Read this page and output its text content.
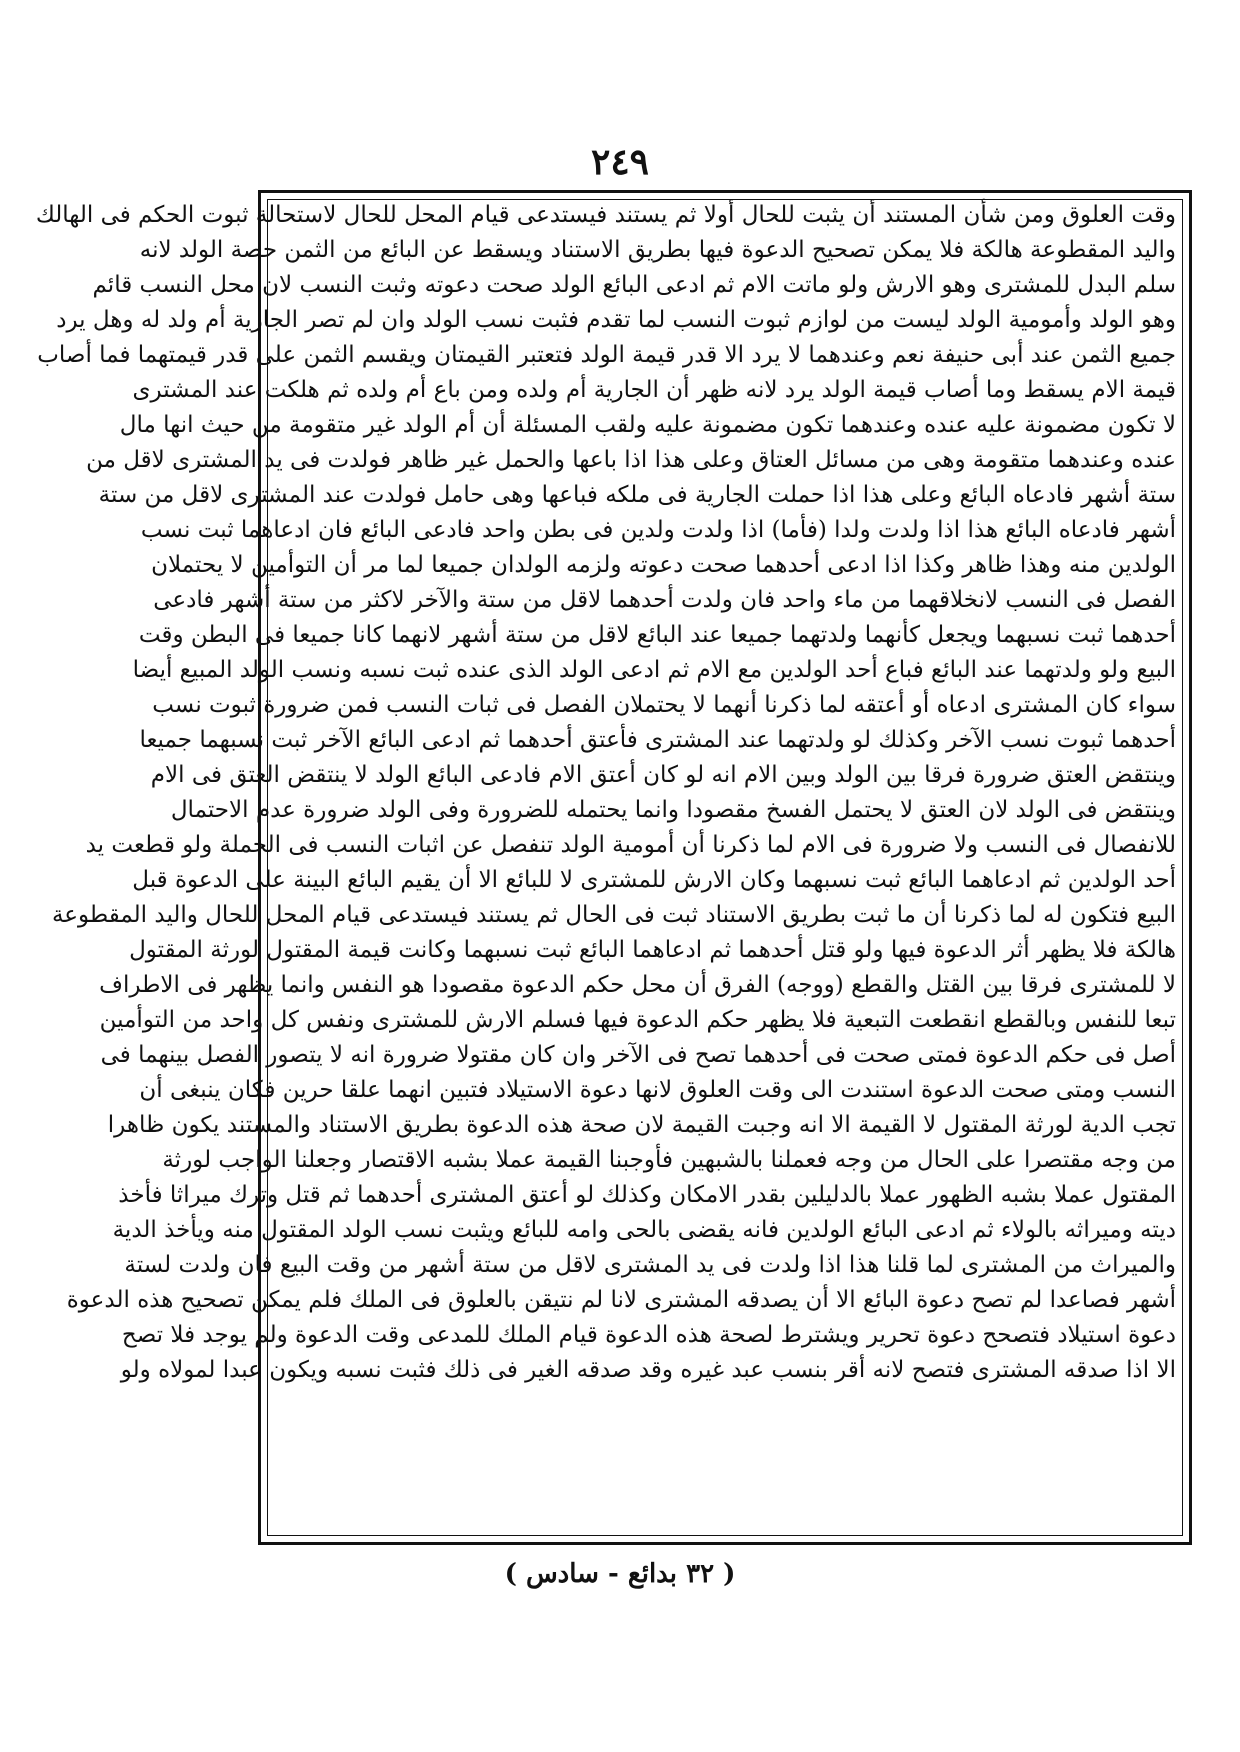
٢٤٩
وقت العلوق ومن شأن المستند أن يثبت للحال أولا ثم يستند فيستدعى قيام المحل للحال لاستحالة ثبوت الحكم فى الهالك
واليد المقطوعة هالكة فلا يمكن تصحيح الدعوة فيها بطريق الاستناد ويسقط عن البائع من الثمن حصة الولد لانه
سلم البدل للمشترى وهو الارش ولو ماتت الام ثم ادعى البائع الولد صحت دعوته وثبت النسب لان محل النسب قائم
وهو الولد وأمومية الولد ليست من لوازم ثبوت النسب لما تقدم فثبت نسب الولد وان لم تصر الجارية أم ولد له وهل يرد
جميع الثمن عند أبى حنيفة نعم وعندهما لا يرد الا قدر قيمة الولد فتعتبر القيمتان ويقسم الثمن على قدر قيمتهما فما أصاب
قيمة الام يسقط وما أصاب قيمة الولد يرد لانه ظهر أن الجارية أم ولده ومن باع أم ولده ثم هلكت عند المشترى
لا تكون مضمونة عليه عنده وعندهما تكون مضمونة عليه ولقب المسئلة أن أم الولد غير متقومة من حيث انها مال
عنده وعندهما متقومة وهى من مسائل العتاق وعلى هذا اذا باعها والحمل غير ظاهر فولدت فى يد المشترى لاقل من
ستة أشهر فادعاه البائع وعلى هذا اذا حملت الجارية فى ملكه فباعها وهى حامل فولدت عند المشترى لاقل من ستة
أشهر فادعاه البائع هذا اذا ولدت ولدا (فأما) اذا ولدت ولدين فى بطن واحد فادعى البائع فان ادعاهما ثبت نسب
الولدين منه وهذا ظاهر وكذا اذا ادعى أحدهما صحت دعوته ولزمه الولدان جميعا لما مر أن التوأمين لا يحتملان
الفصل فى النسب لانخلاقهما من ماء واحد فان ولدت أحدهما لاقل من ستة والآخر لاكثر من ستة أشهر فادعى
أحدهما ثبت نسبهما ويجعل كأنهما ولدتهما جميعا عند البائع لاقل من ستة أشهر لانهما كانا جميعا فى البطن وقت
البيع ولو ولدتهما عند البائع فباع أحد الولدين مع الام ثم ادعى الولد الذى عنده ثبت نسبه ونسب الولد المبيع أيضا
سواء كان المشترى ادعاه أو أعتقه لما ذكرنا أنهما لا يحتملان الفصل فى ثبات النسب فمن ضرورة ثبوت نسب
أحدهما ثبوت نسب الآخر وكذلك لو ولدتهما عند المشترى فأعتق أحدهما ثم ادعى البائع الآخر ثبت نسبهما جميعا
وينتقض العتق ضرورة فرقا بين الولد وبين الام انه لو كان أعتق الام فادعى البائع الولد لا ينتقض العتق فى الام
وينتقض فى الولد لان العتق لا يحتمل الفسخ مقصودا وانما يحتمله للضرورة وفى الولد ضرورة عدم الاحتمال
للانفصال فى النسب ولا ضرورة فى الام لما ذكرنا أن أمومية الولد تنفصل عن اثبات النسب فى الجملة ولو قطعت يد
أحد الولدين ثم ادعاهما البائع ثبت نسبهما وكان الارش للمشترى لا للبائع الا أن يقيم البائع البينة على الدعوة قبل
البيع فتكون له لما ذكرنا أن ما ثبت بطريق الاستناد ثبت فى الحال ثم يستند فيستدعى قيام المحل للحال واليد المقطوعة
هالكة فلا يظهر أثر الدعوة فيها ولو قتل أحدهما ثم ادعاهما البائع ثبت نسبهما وكانت قيمة المقتول لورثة المقتول
لا للمشترى فرقا بين القتل والقطع (ووجه) الفرق أن محل حكم الدعوة مقصودا هو النفس وانما يظهر فى الاطراف
تبعا للنفس وبالقطع انقطعت التبعية فلا يظهر حكم الدعوة فيها فسلم الارش للمشترى ونفس كل واحد من التوأمين
أصل فى حكم الدعوة فمتى صحت فى أحدهما تصح فى الآخر وان كان مقتولا ضرورة انه لا يتصور الفصل بينهما فى
النسب ومتى صحت الدعوة استندت الى وقت العلوق لانها دعوة الاستيلاد فتبين انهما علقا حرين فكان ينبغى أن
تجب الدية لورثة المقتول لا القيمة الا انه وجبت القيمة لان صحة هذه الدعوة بطريق الاستناد والمستند يكون ظاهرا
من وجه مقتصرا على الحال من وجه فعملنا بالشبهين فأوجبنا القيمة عملا بشبه الاقتصار وجعلنا الواجب لورثة
المقتول عملا بشبه الظهور عملا بالدليلين بقدر الامكان وكذلك لو أعتق المشترى أحدهما ثم قتل وترك ميراثا فأخذ
ديته وميراثه بالولاء ثم ادعى البائع الولدين فانه يقضى بالحى وامه للبائع ويثبت نسب الولد المقتول منه ويأخذ الدية
والميراث من المشترى لما قلنا هذا اذا ولدت فى يد المشترى لاقل من ستة أشهر من وقت البيع فان ولدت لستة
أشهر فصاعدا لم تصح دعوة البائع الا أن يصدقه المشترى لانا لم نتيقن بالعلوق فى الملك فلم يمكن تصحيح هذه الدعوة
دعوة استيلاد فتصحح دعوة تحرير ويشترط لصحة هذه الدعوة قيام الملك للمدعى وقت الدعوة ولم يوجد فلا تصح
الا اذا صدقه المشترى فتصح لانه أقر بنسب عبد غيره وقد صدقه الغير فى ذلك فثبت نسبه ويكون عبدا لمولاه ولو
( ٣٢ بدائع - سادس )
